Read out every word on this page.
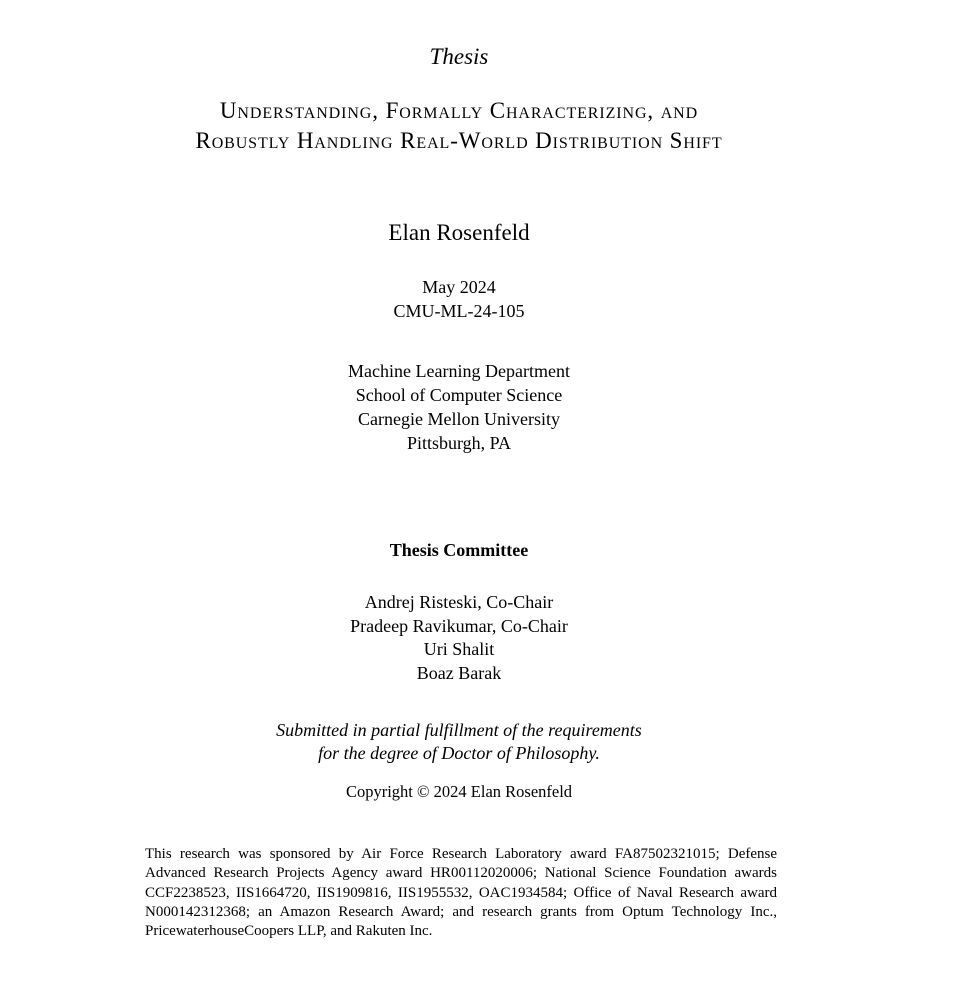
Thesis
Understanding, Formally Characterizing, and
Robustly Handling Real-World Distribution Shift
Elan Rosenfeld
May 2024
CMU-ML-24-105
Machine Learning Department
School of Computer Science
Carnegie Mellon University
Pittsburgh, PA
Thesis Committee
Andrej Risteski, Co-Chair
Pradeep Ravikumar, Co-Chair
Uri Shalit
Boaz Barak
Submitted in partial fulfillment of the requirements
for the degree of Doctor of Philosophy.
Copyright © 2024 Elan Rosenfeld
This research was sponsored by Air Force Research Laboratory award FA87502321015; Defense Advanced Research Projects Agency award HR00112020006; National Science Foundation awards CCF2238523, IIS1664720, IIS1909816, IIS1955532, OAC1934584; Office of Naval Research award N000142312368; an Amazon Research Award; and research grants from Optum Technology Inc., PricewaterhouseCoopers LLP, and Rakuten Inc.
